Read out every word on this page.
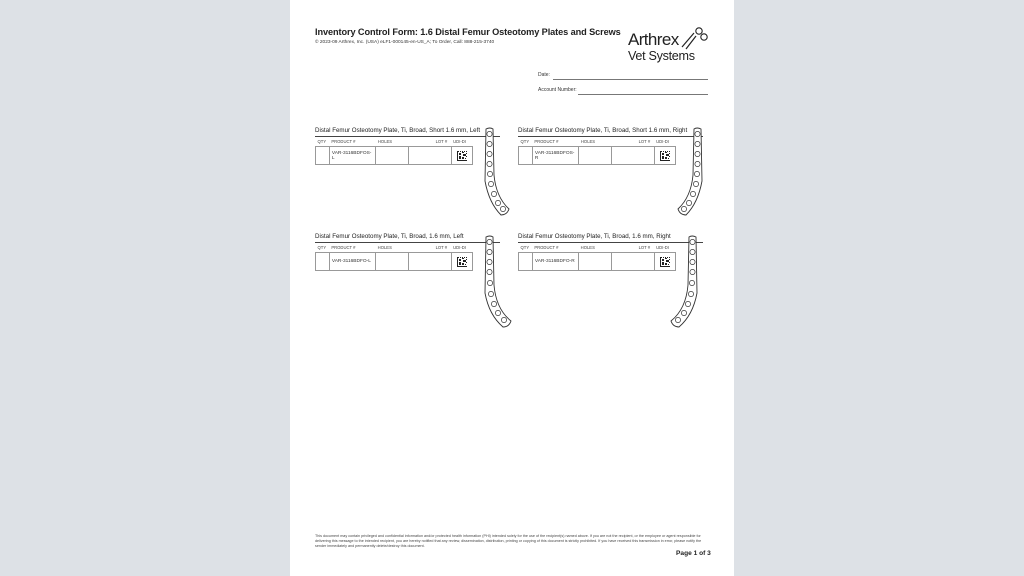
Inventory Control Form: 1.6 Distal Femur Osteotomy Plates and Screws
© 2023-09 Arthrex, Inc. (USA) eLF1-000145-en-US_A; To Order, Call: 888-215-3740	Arthrex
Vet Systems
Date:
Account Number:
Distal Femur Osteotomy Plate, Ti, Broad, Short 1.6 mm, Left
QTY	PRODUCT #	HOLES	LOT #	UDI-DI
	VAR-3116BDFOS-L			
Distal Femur Osteotomy Plate, Ti, Broad, Short 1.6 mm, Right
QTY	PRODUCT #	HOLES	LOT #	UDI-DI
	VAR-3116BDFOS-R			
Distal Femur Osteotomy Plate, Ti, Broad, 1.6 mm, Left
QTY	PRODUCT #	HOLES	LOT #	UDI-DI
	VAR-3116BDFO-L			
Distal Femur Osteotomy Plate, Ti, Broad, 1.6 mm, Right
QTY	PRODUCT #	HOLES	LOT #	UDI-DI
	VAR-3116BDFO-R			
This document may contain privileged and confidential information and/or protected health information (PHI) intended solely for the use of the recipient(s) named above. If you are not the recipient, or the employee or agent responsible for delivering this message to the intended recipient, you are hereby notified that any review, dissemination, distribution, printing or copying of this document is strictly prohibited. If you have received this transmission in error, please notify the sender immediately and permanently delete/destroy this document.
Page 1 of 3
